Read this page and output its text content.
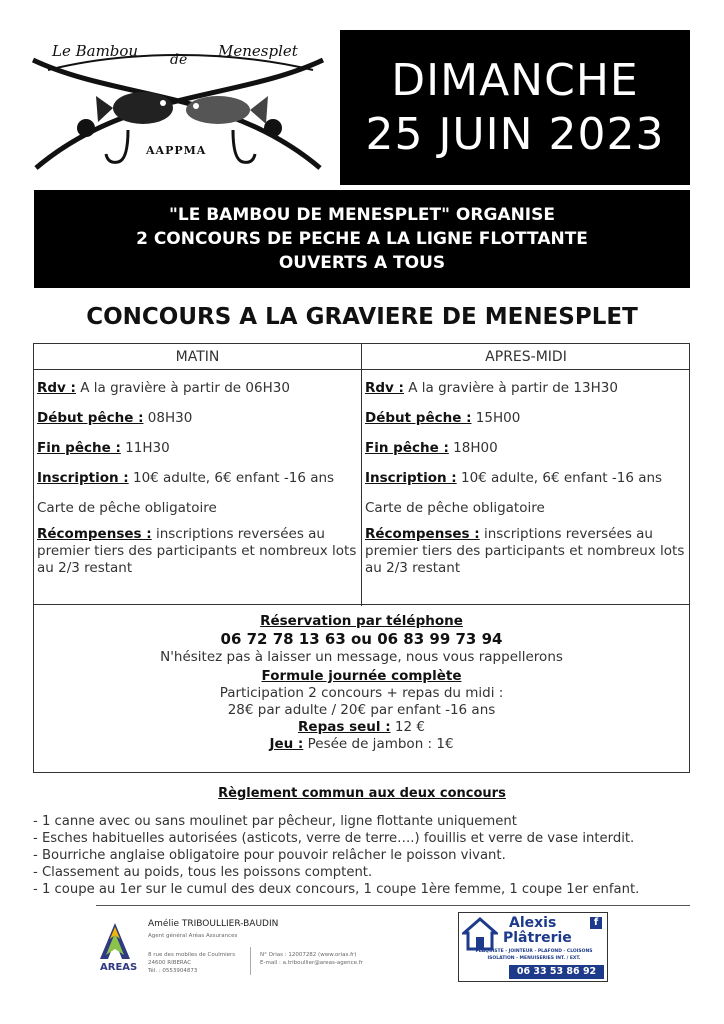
Le Bambou de Menesplet
AAPPMA
DIMANCHE
25 JUIN 2023
"LE BAMBOU DE MENESPLET" ORGANISE
2 CONCOURS DE PECHE A LA LIGNE FLOTTANTE
OUVERTS A TOUS
CONCOURS A LA GRAVIERE DE MENESPLET
MATIN
Rdv : A la gravière à partir de 06H30
Début pêche : 08H30
Fin pêche : 11H30
Inscription : 10€ adulte, 6€ enfant -16 ans
Carte de pêche obligatoire
Récompenses : inscriptions reversées au premier tiers des participants et nombreux lots au 2/3 restant
APRES-MIDI
Rdv : A la gravière à partir de 13H30
Début pêche : 15H00
Fin pêche : 18H00
Inscription : 10€ adulte, 6€ enfant -16 ans
Carte de pêche obligatoire
Récompenses : inscriptions reversées au premier tiers des participants et nombreux lots au 2/3 restant
Réservation par téléphone
06 72 78 13 63 ou 06 83 99 73 94
N'hésitez pas à laisser un message, nous vous rappellerons
Formule journée complète
Participation 2 concours + repas du midi :
28€ par adulte / 20€ par enfant -16 ans
Repas seul : 12 €
Jeu : Pesée de jambon : 1€
Règlement commun aux deux concours
- 1 canne avec ou sans moulinet par pêcheur, ligne flottante uniquement
- Esches habituelles autorisées (asticots, verre de terre….) fouillis et verre de vase interdit.
- Bourriche anglaise obligatoire pour pouvoir relâcher le poisson vivant.
- Classement au poids, tous les poissons comptent.
- 1 coupe au 1er sur le cumul des deux concours, 1 coupe 1ère femme, 1 coupe 1er enfant.
AREAS
Amélie TRIBOULLIER-BAUDIN
Agent général Aréas Assurances
8 rue des mobiles de Coulmiers
24600 RIBERAC
Tél. : 0553904873
N° Orias : 12007282 (www.orias.fr)
E-mail : a.triboullier@areas-agence.fr
Alexis
Plâtrerie
f
PLAQUISTE - JOINTEUR - PLAFOND - CLOISONS
ISOLATION - MENUISERIES INT. / EXT.
06 33 53 86 92
